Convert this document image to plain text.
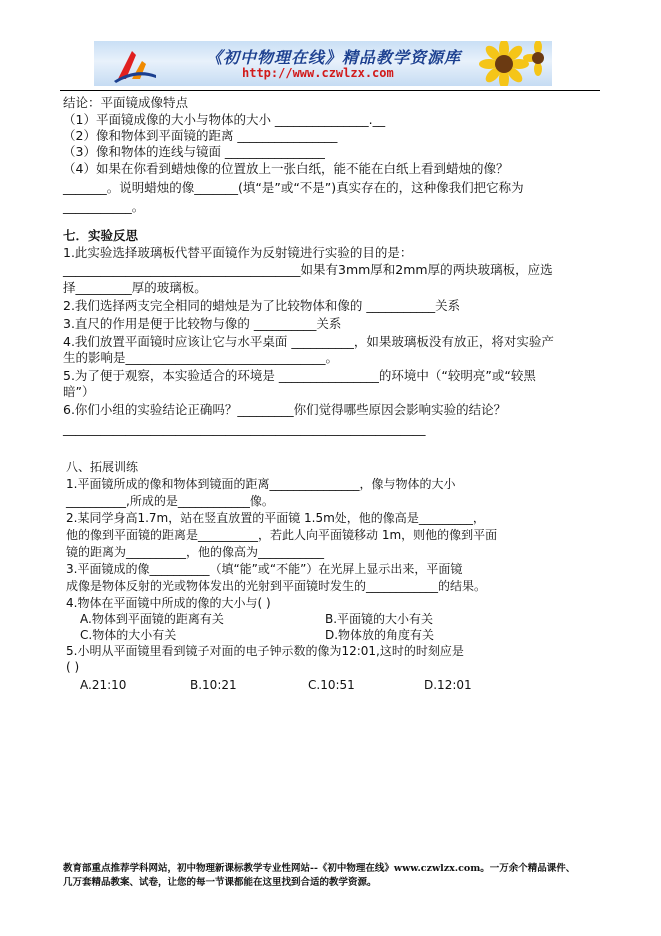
《初中物理在线》精品教学资源库
http://www.czwlzx.com
结论：平面镜成像特点
（1）平面镜成像的大小与物体的大小 _______________.__
（2）像和物体到平面镜的距离 ________________
（3）像和物体的连线与镜面 ________________
（4）如果在你看到蜡烛像的位置放上一张白纸，能不能在白纸上看到蜡烛的像？
_______。说明蜡烛的像_______(填“是”或“不是”)真实存在的，这种像我们把它称为
___________。
七．实验反思
1.此实验选择玻璃板代替平面镜作为反射镜进行实验的目的是：
______________________________________如果有3mm厚和2mm厚的两块玻璃板，应选
择_________厚的玻璃板。
2.我们选择两支完全相同的蜡烛是为了比较物体和像的 ___________关系
3.直尺的作用是便于比较物与像的 __________关系
4.我们放置平面镜时应该让它与水平桌面 __________，如果玻璃板没有放正，将对实验产
生的影响是________________________________。
5.为了便于观察，本实验适合的环境是 ________________的环境中（“较明亮”或“较黑
暗”）
6.你们小组的实验结论正确吗？_________你们觉得哪些原因会影响实验的结论？
__________________________________________________________
八、拓展训练
1.平面镜所成的像和物体到镜面的距离_______________，像与物体的大小
__________,所成的是____________像。
2.某同学身高1.7m，站在竖直放置的平面镜 1.5m处，他的像高是_________，
他的像到平面镜的距离是__________，若此人向平面镜移动 1m，则他的像到平面
镜的距离为__________，他的像高为___________
3.平面镜成的像__________（填“能”或“不能”）在光屏上显示出来，平面镜
成像是物体反射的光或物体发出的光射到平面镜时发生的____________的结果。
4.物体在平面镜中所成的像的大小与( )
A.物体到平面镜的距离有关	B.平面镜的大小有关
C.物体的大小有关	D.物体放的角度有关
5.小明从平面镜里看到镜子对面的电子钟示数的像为12:01,这时的时刻应是
( )
A.21:10	B.10:21	C.10:51	D.12:01
教育部重点推荐学科网站，初中物理新课标教学专业性网站--《初中物理在线》www.czwlzx.com。一万余个精品课件、
几万套精品教案、试卷，让您的每一节课都能在这里找到合适的教学资源。
